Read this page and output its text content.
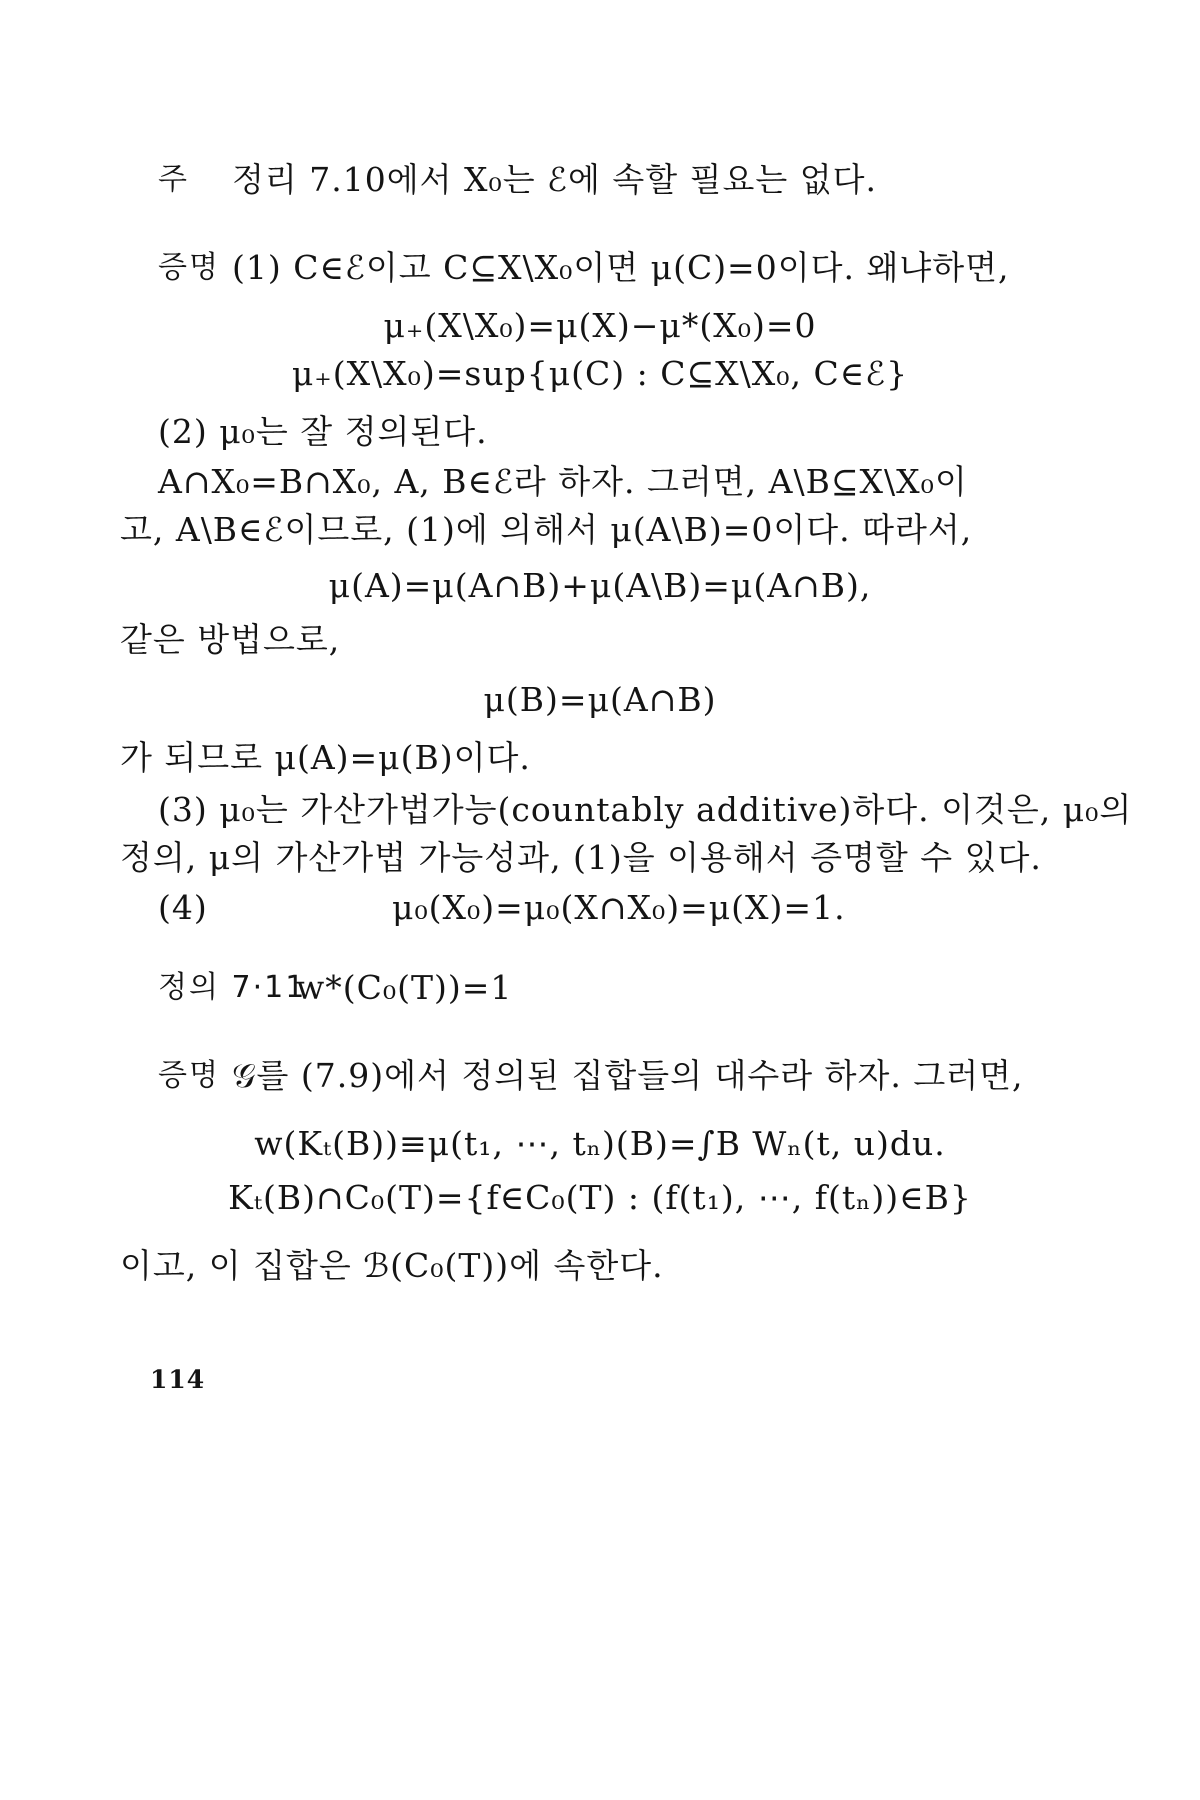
주 정리 7.10에서 X₀는 ℰ에 속할 필요는 없다.
증명 (1) C∈ℰ이고 C⊆X\X₀이면 μ(C)=0이다. 왜냐하면,
μ₊(X\X₀)=μ(X)−μ*(X₀)=0
μ₊(X\X₀)=sup{μ(C) : C⊆X\X₀, C∈ℰ}
(2) μ₀는 잘 정의된다.
A∩X₀=B∩X₀, A, B∈ℰ라 하자. 그러면, A\B⊆X\X₀이
고, A\B∈ℰ이므로, (1)에 의해서 μ(A\B)=0이다. 따라서,
μ(A)=μ(A∩B)+μ(A\B)=μ(A∩B),
같은 방법으로,
μ(B)=μ(A∩B)
가 되므로 μ(A)=μ(B)이다.
(3) μ₀는 가산가법가능(countably additive)하다. 이것은, μ₀의
정의, μ의 가산가법 가능성과, (1)을 이용해서 증명할 수 있다.
(4)	μ₀(X₀)=μ₀(X∩X₀)=μ(X)=1.
정의 7·11
w*(C₀(T))=1
증명 𝒢를 (7.9)에서 정의된 집합들의 대수라 하자. 그러면,
w(Kₜ(B))≡μ(t₁, ⋯, tₙ)(B)=∫B Wₙ(t, u)du.
Kₜ(B)∩C₀(T)={f∈C₀(T) : (f(t₁), ⋯, f(tₙ))∈B}
이고, 이 집합은 ℬ(C₀(T))에 속한다.
114
